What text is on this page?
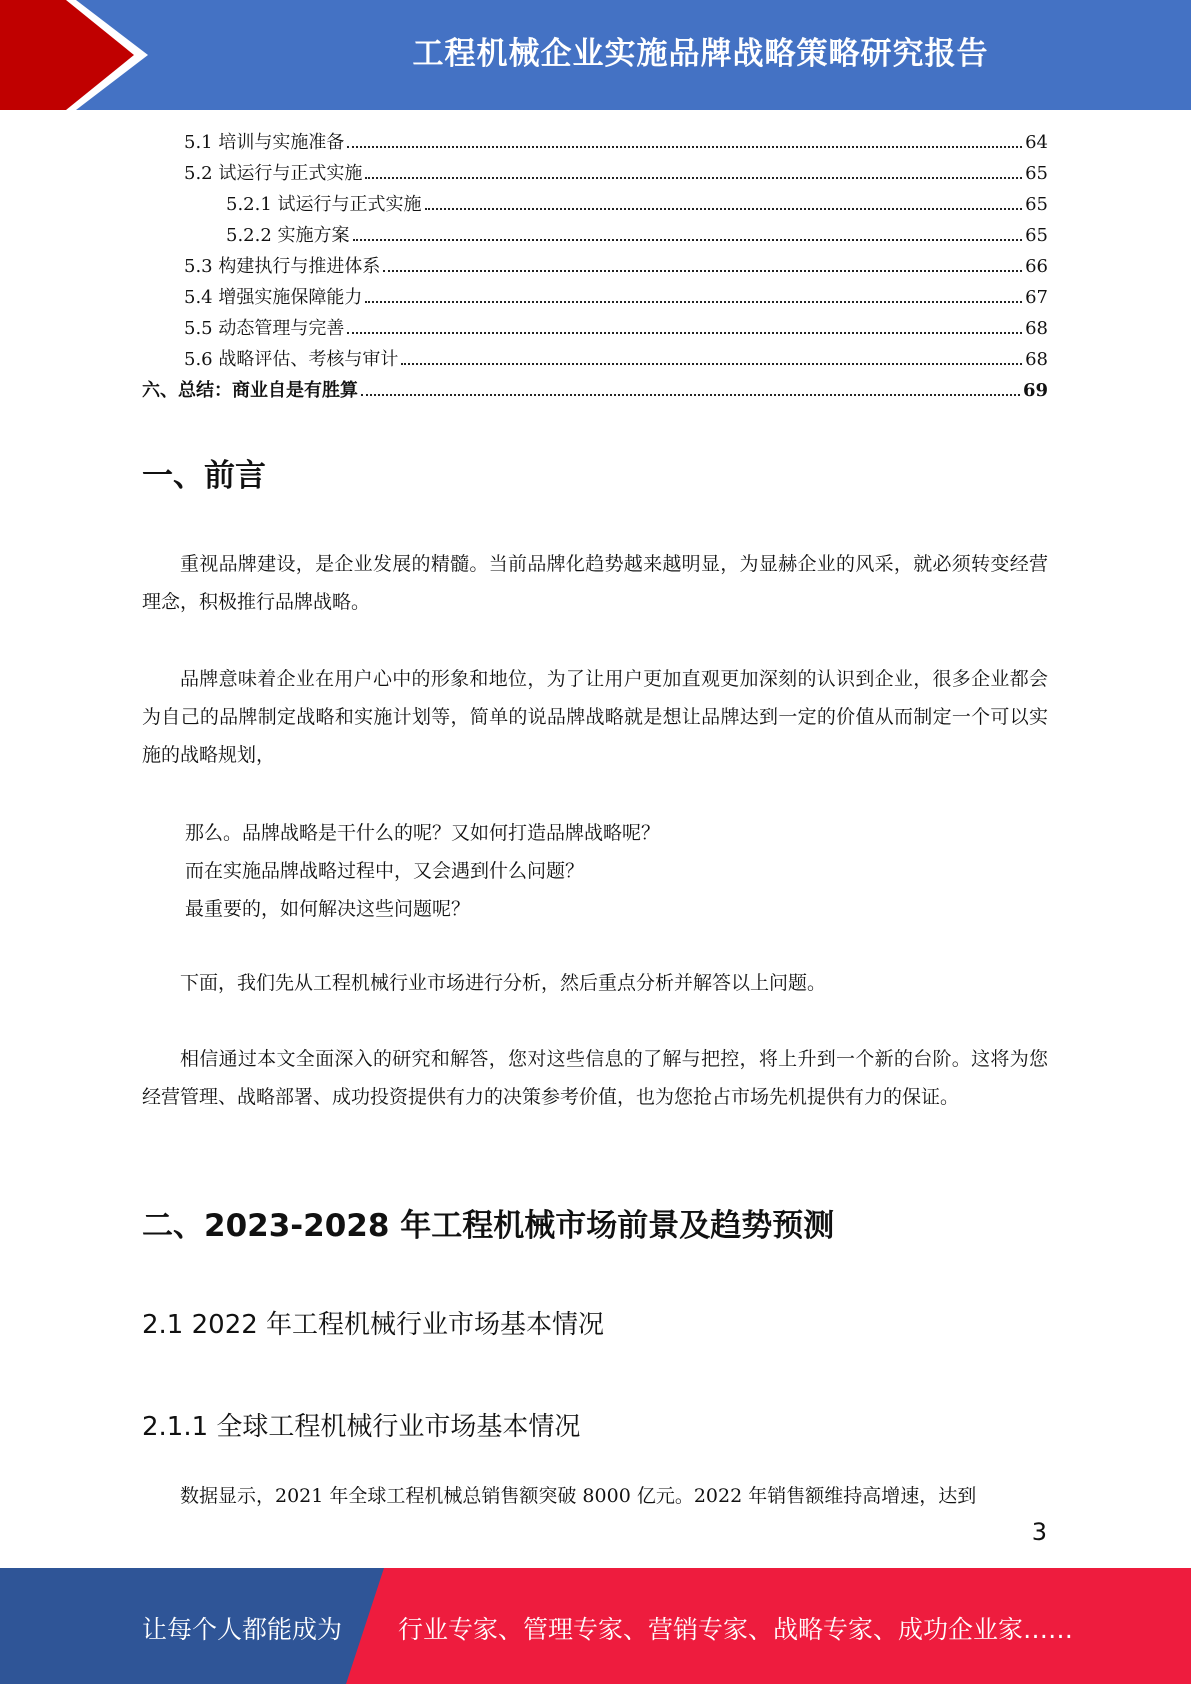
工程机械企业实施品牌战略策略研究报告
5.1 培训与实施准备	64
5.2 试运行与正式实施	65
5.2.1 试运行与正式实施	65
5.2.2 实施方案	65
5.3 构建执行与推进体系	66
5.4 增强实施保障能力	67
5.5 动态管理与完善	68
5.6 战略评估、考核与审计	68
六、总结：商业自是有胜算	69
一、前言

重视品牌建设，是企业发展的精髓。当前品牌化趋势越来越明显，为显赫企业的风采，就必须转变经营理念，积极推行品牌战略。

品牌意味着企业在用户心中的形象和地位，为了让用户更加直观更加深刻的认识到企业，很多企业都会为自己的品牌制定战略和实施计划等，简单的说品牌战略就是想让品牌达到一定的价值从而制定一个可以实施的战略规划，

那么。品牌战略是干什么的呢？又如何打造品牌战略呢？
而在实施品牌战略过程中，又会遇到什么问题？
最重要的，如何解决这些问题呢？

下面，我们先从工程机械行业市场进行分析，然后重点分析并解答以上问题。

相信通过本文全面深入的研究和解答，您对这些信息的了解与把控，将上升到一个新的台阶。这将为您经营管理、战略部署、成功投资提供有力的决策参考价值，也为您抢占市场先机提供有力的保证。

二、2023-2028 年工程机械市场前景及趋势预测
2.1 2022 年工程机械行业市场基本情况
2.1.1 全球工程机械行业市场基本情况

数据显示，2021 年全球工程机械总销售额突破 8000 亿元。2022 年销售额维持高增速，达到

3
让每个人都能成为 行业专家、管理专家、营销专家、战略专家、成功企业家……
